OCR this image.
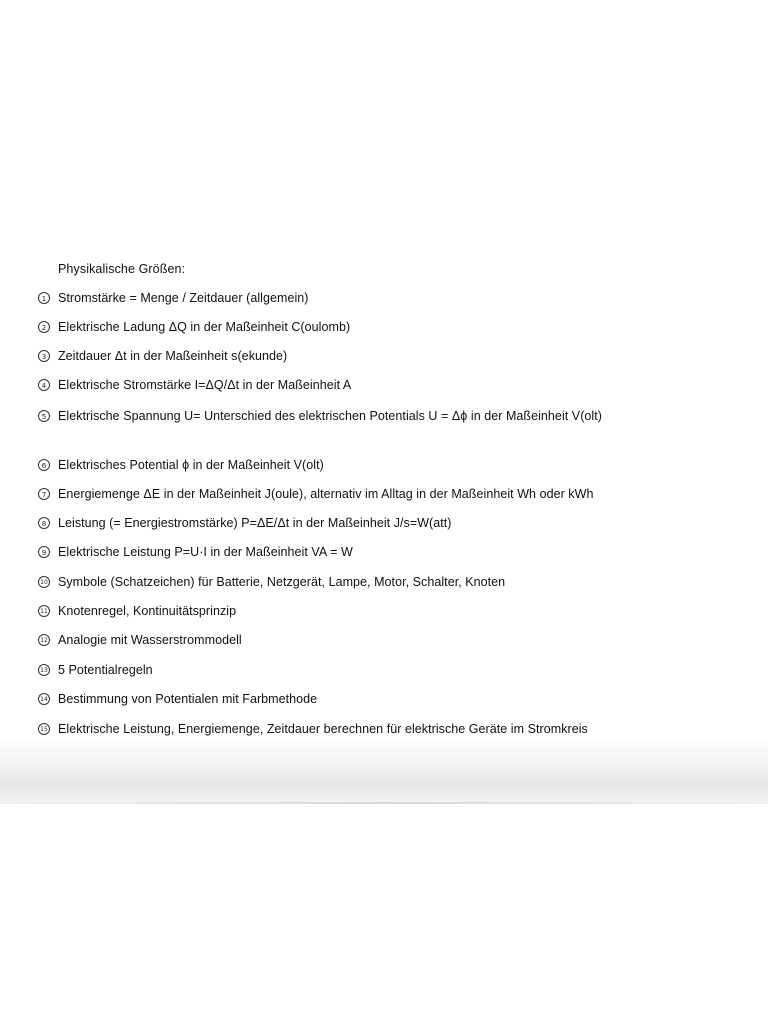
Physikalische Größen:
1 Stromstärke = Menge / Zeitdauer (allgemein)
2 Elektrische Ladung ΔQ in der Maßeinheit C(oulomb)
3 Zeitdauer Δt in der Maßeinheit s(ekunde)
4 Elektrische Stromstärke I=ΔQ/Δt in der Maßeinheit A
5 Elektrische Spannung U= Unterschied des elektrischen Potentials U = Δϕ in der Maßeinheit V(olt)
6 Elektrisches Potential ϕ in der Maßeinheit V(olt)
7 Energiemenge ΔE in der Maßeinheit J(oule), alternativ im Alltag in der Maßeinheit Wh oder kWh
8 Leistung (= Energiestromstärke) P=ΔE/Δt in der Maßeinheit J/s=W(att)
9 Elektrische Leistung P=U·I in der Maßeinheit VA = W
10 Symbole (Schatzeichen) für Batterie, Netzgerät, Lampe, Motor, Schalter, Knoten
11 Knotenregel, Kontinuitätsprinzip
12 Analogie mit Wasserstrommodell
13 5 Potentialregeln
14 Bestimmung von Potentialen mit Farbmethode
15 Elektrische Leistung, Energiemenge, Zeitdauer berechnen für elektrische Geräte im Stromkreis
